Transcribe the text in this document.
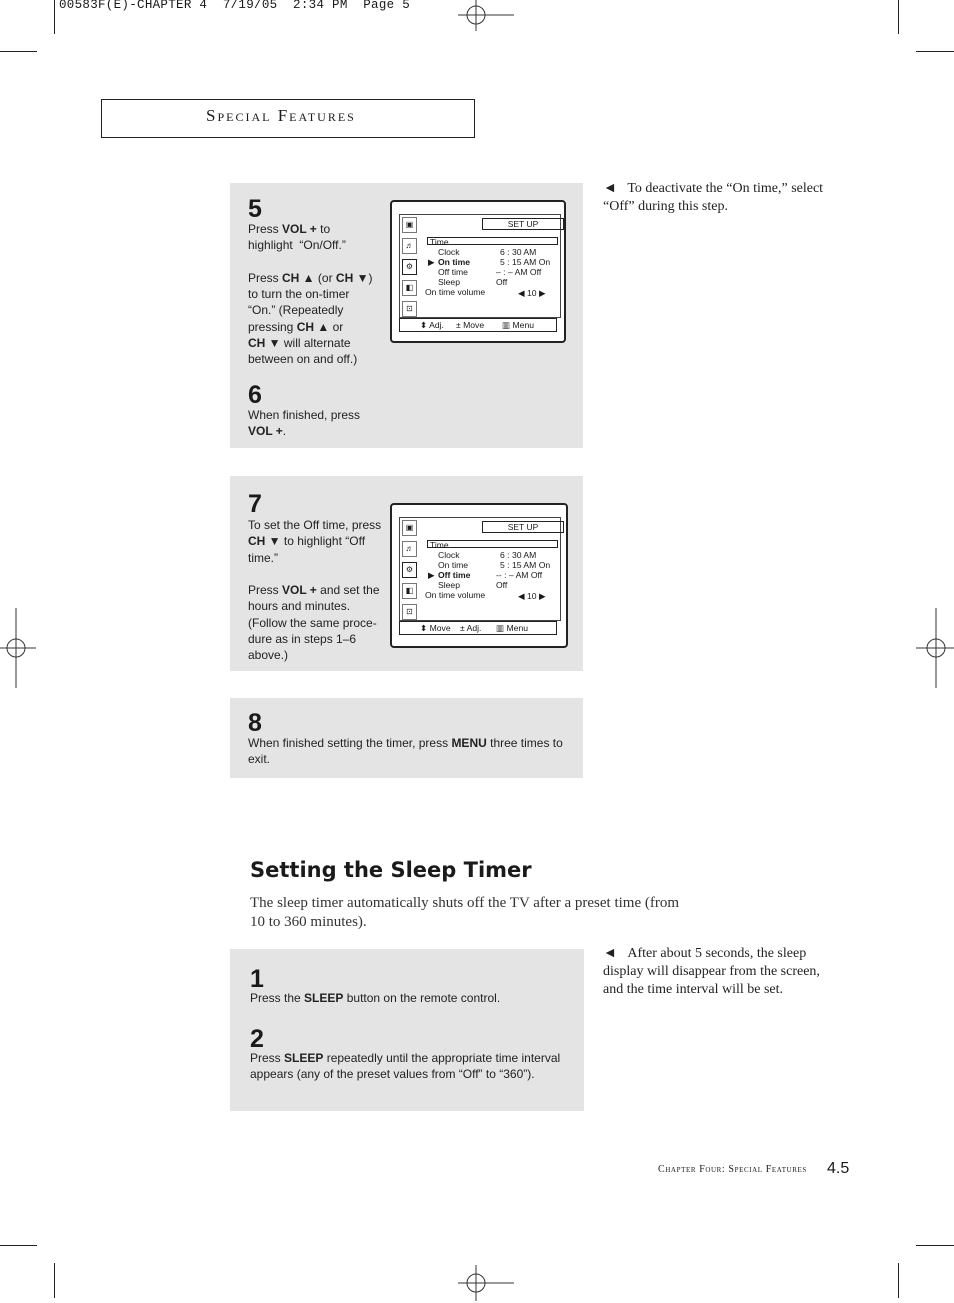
00583F(E)-CHAPTER 4  7/19/05  2:34 PM  Page 5
Special Features
5
Press VOL + to
highlight  “On/Off.”

Press CH ▲ (or CH ▼)
to turn the on-timer
“On.” (Repeatedly
pressing CH ▲ or
CH ▼ will alternate
between on and off.)
6
When finished, press
VOL +.
▣
♬
⚙
◧
⊡
SET UP
Time
Clock	6 : 30 AM
▶ On time	5 : 15 AM On
Off time	– : – AM Off
Sleep	Off
On time volume	◀ 10 ▶
⬍ Adj. ± Move ▥ Menu
◄ To deactivate the “On time,” select “Off” during this step.
7
To set the Off time, press
CH ▼ to highlight “Off
time.”

Press VOL + and set the
hours and minutes.
(Follow the same proce-
dure as in steps 1–6
above.)
▣
♬
⚙
◧
⊡
SET UP
Time
Clock	6 : 30 AM
On time	5 : 15 AM On
▶ Off time	-- : – AM Off
Sleep	Off
On time volume	◀ 10 ▶
⬍ Move ± Adj. ▥ Menu
8
When finished setting the timer, press MENU three times to exit.
Setting the Sleep Timer
The sleep timer automatically shuts off the TV after a preset time (from 10 to 360 minutes).
1
Press the SLEEP button on the remote control.
2
Press SLEEP repeatedly until the appropriate time interval appears (any of the preset values from “Off” to “360”).
◄ After about 5 seconds, the sleep display will disappear from the screen, and the time interval will be set.
Chapter Four: Special Features 4.5
